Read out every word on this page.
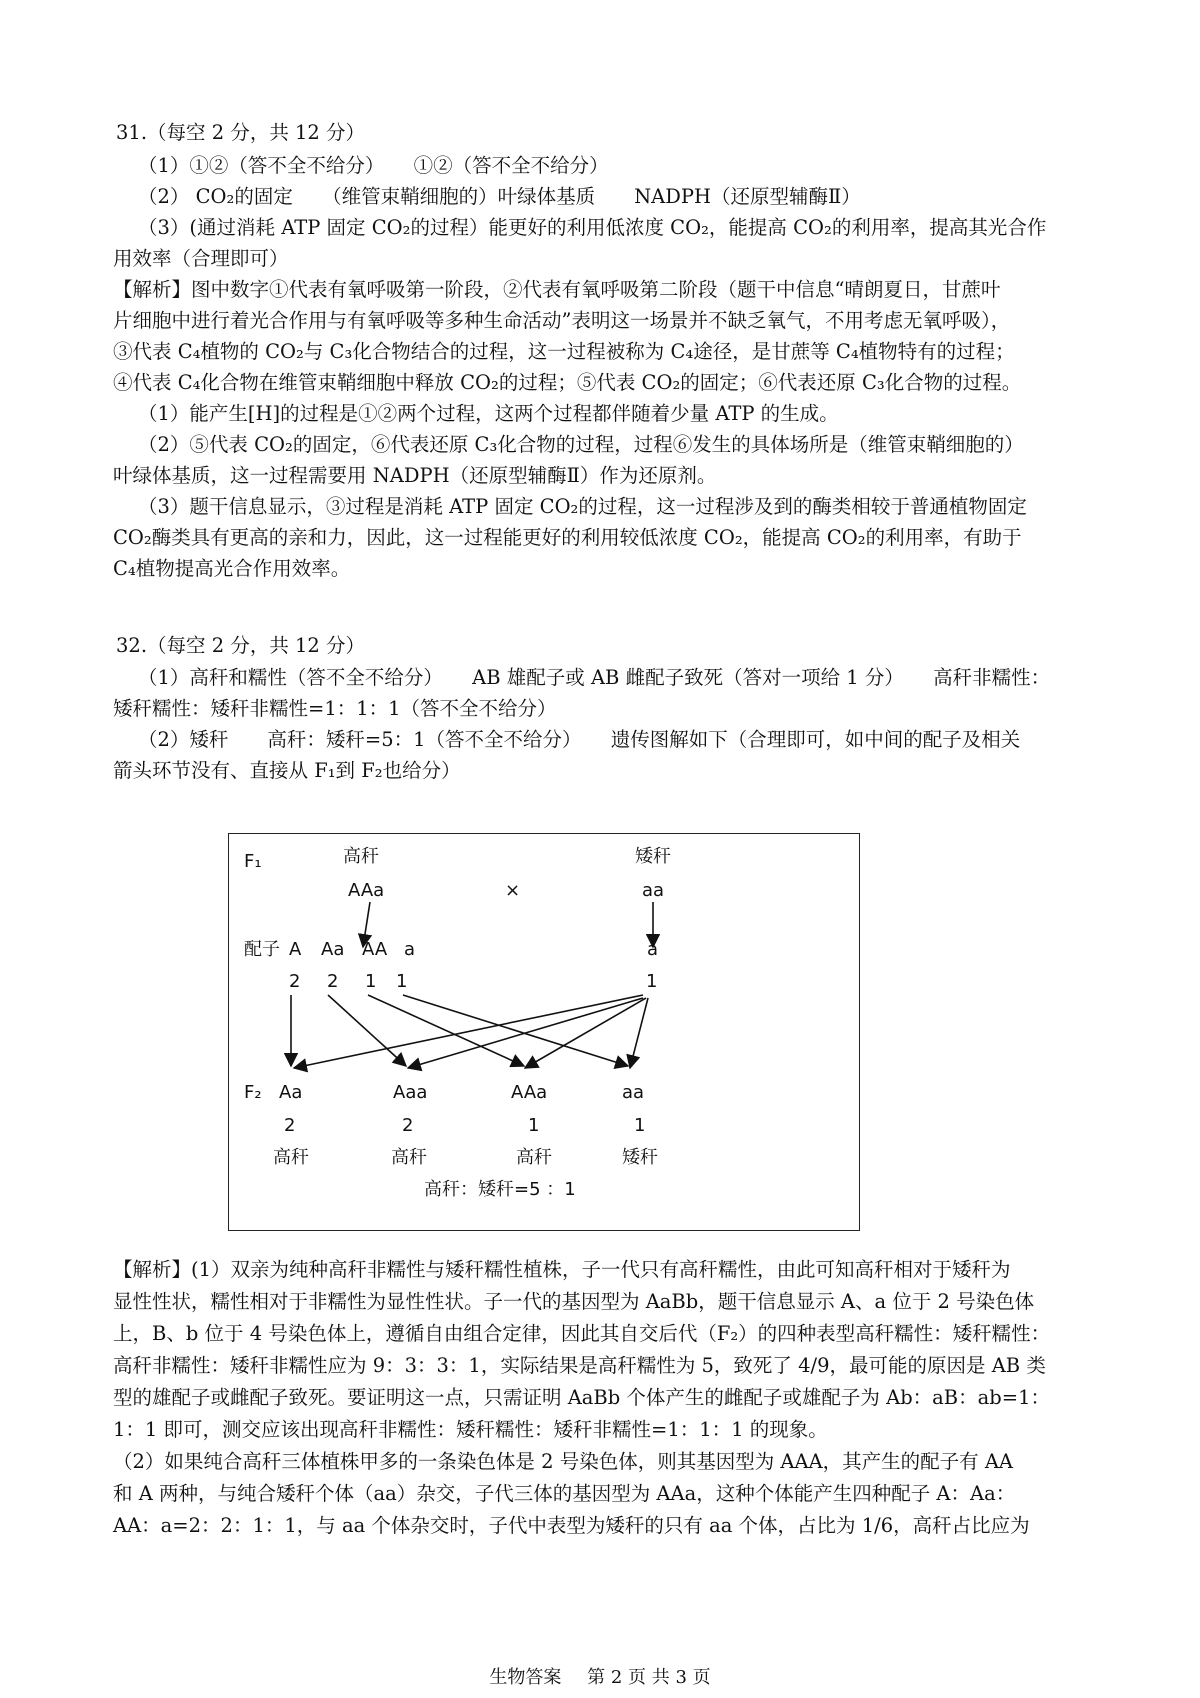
31.（每空 2 分，共 12 分）
（1）①②（答不全不给分）　　①②（答不全不给分）
（2） CO₂的固定　　（维管束鞘细胞的）叶绿体基质　　NADPH（还原型辅酶Ⅱ）
（3）(通过消耗 ATP 固定 CO₂的过程）能更好的利用低浓度 CO₂，能提高 CO₂的利用率，提高其光合作
用效率（合理即可）
【解析】图中数字①代表有氧呼吸第一阶段，②代表有氧呼吸第二阶段（题干中信息“晴朗夏日，甘蔗叶
片细胞中进行着光合作用与有氧呼吸等多种生命活动”表明这一场景并不缺乏氧气，不用考虑无氧呼吸），
③代表 C₄植物的 CO₂与 C₃化合物结合的过程，这一过程被称为 C₄途径，是甘蔗等 C₄植物特有的过程；
④代表 C₄化合物在维管束鞘细胞中释放 CO₂的过程；⑤代表 CO₂的固定；⑥代表还原 C₃化合物的过程。
（1）能产生[H]的过程是①②两个过程，这两个过程都伴随着少量 ATP 的生成。
（2）⑤代表 CO₂的固定，⑥代表还原 C₃化合物的过程，过程⑥发生的具体场所是（维管束鞘细胞的）
叶绿体基质，这一过程需要用 NADPH（还原型辅酶Ⅱ）作为还原剂。
（3）题干信息显示，③过程是消耗 ATP 固定 CO₂的过程，这一过程涉及到的酶类相较于普通植物固定
CO₂酶类具有更高的亲和力，因此，这一过程能更好的利用较低浓度 CO₂，能提高 CO₂的利用率，有助于
C₄植物提高光合作用效率。
32.（每空 2 分，共 12 分）
（1）高秆和糯性（答不全不给分）　　AB 雄配子或 AB 雌配子致死（答对一项给 1 分）　　高秆非糯性：
矮秆糯性：矮秆非糯性=1：1：1（答不全不给分）
（2）矮秆　　高秆：矮秆=5：1（答不全不给分）　　遗传图解如下（合理即可，如中间的配子及相关
箭头环节没有、直接从 F₁到 F₂也给分）
F₁	高秆
AAa	×
矮秆
aa
配子 A Aa AA a	a
2 2 1 1	1
F₂ Aa	Aaa	AAa	aa
2	2	1	1
高秆	高秆	高秆	矮秆
高秆：矮秆=5 ：1
【解析】(1）双亲为纯种高秆非糯性与矮秆糯性植株，子一代只有高秆糯性，由此可知高秆相对于矮秆为
显性性状，糯性相对于非糯性为显性性状。子一代的基因型为 AaBb，题干信息显示 A、a 位于 2 号染色体
上，B、b 位于 4 号染色体上，遵循自由组合定律，因此其自交后代（F₂）的四种表型高秆糯性：矮秆糯性：
高秆非糯性：矮秆非糯性应为 9：3：3：1，实际结果是高秆糯性为 5，致死了 4/9，最可能的原因是 AB 类
型的雄配子或雌配子致死。要证明这一点，只需证明 AaBb 个体产生的雌配子或雄配子为 Ab：aB：ab=1：
1：1 即可，测交应该出现高秆非糯性：矮秆糯性：矮秆非糯性=1：1：1 的现象。
（2）如果纯合高秆三体植株甲多的一条染色体是 2 号染色体，则其基因型为 AAA，其产生的配子有 AA
和 A 两种，与纯合矮秆个体（aa）杂交，子代三体的基因型为 AAa，这种个体能产生四种配子 A：Aa：
AA：a=2：2：1：1，与 aa 个体杂交时，子代中表型为矮秆的只有 aa 个体，占比为 1/6，高秆占比应为
生物答案 第 2 页 共 3 页
